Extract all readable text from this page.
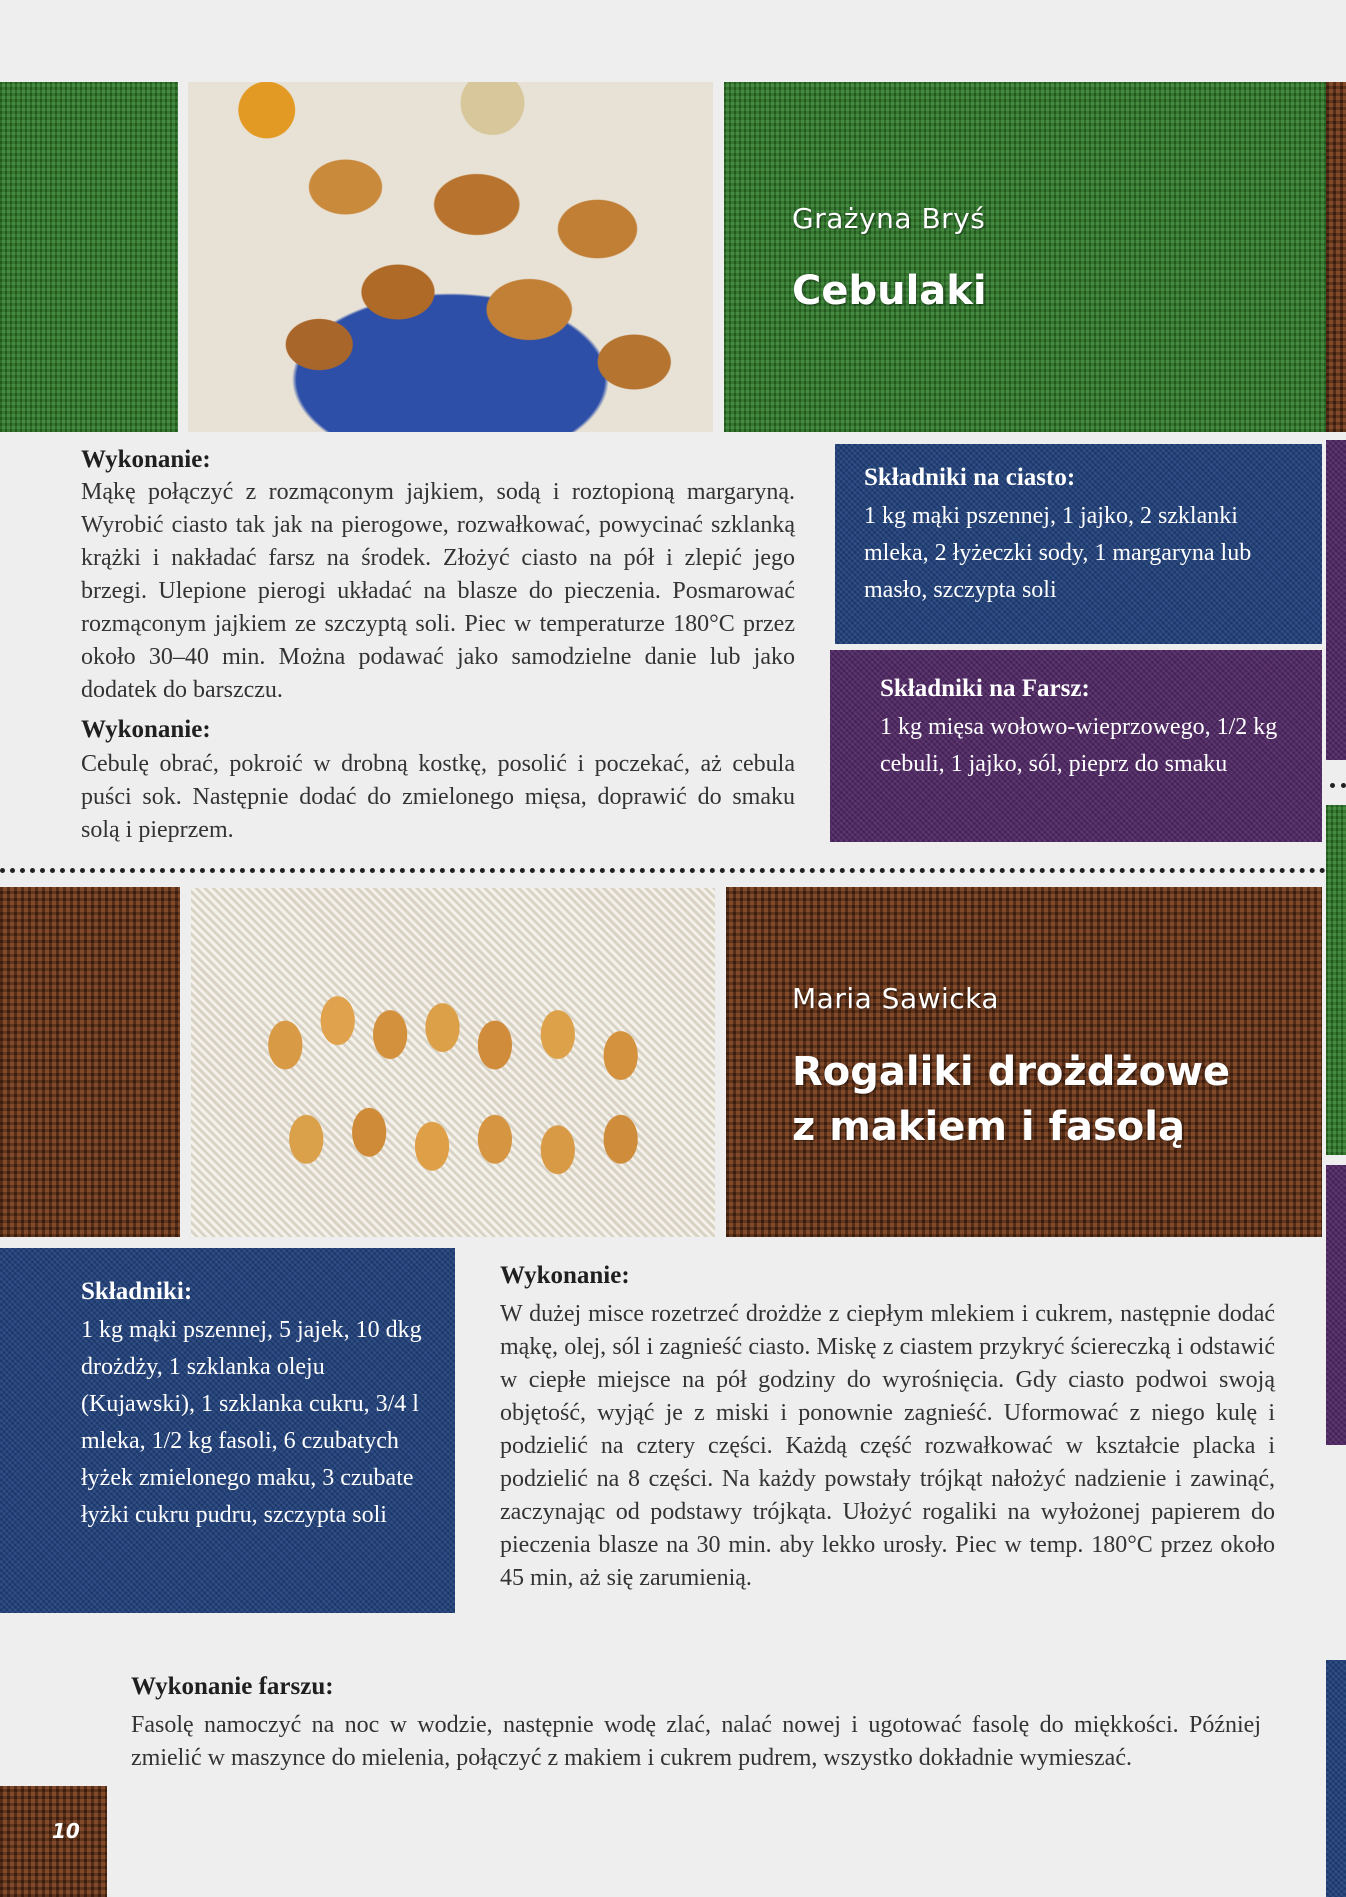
Grażyna Bryś
Cebulaki
Wykonanie:
Mąkę połączyć z rozmąconym jajkiem, sodą i roztopioną margaryną. Wyrobić ciasto tak jak na pierogowe, rozwałkować, powycinać szklanką krążki i nakładać farsz na środek. Złożyć ciasto na pół i zlepić jego brzegi. Ulepione pierogi układać na blasze do pieczenia. Posmarować rozmąconym jajkiem ze szczyptą soli. Piec w temperaturze 180°C przez około 30–40 min. Można podawać jako samodzielne danie lub jako dodatek do barszczu.
Wykonanie:
Cebulę obrać, pokroić w drobną kostkę, posolić i poczekać, aż cebula puści sok. Następnie dodać do zmielonego mięsa, doprawić do smaku solą i pieprzem.
Składniki na ciasto:
1 kg mąki pszennej, 1 jajko, 2 szklanki mleka, 2 łyżeczki sody, 1 margaryna lub masło, szczypta soli
Składniki na Farsz:
1 kg mięsa wołowo-wieprzowego, 1/2 kg cebuli, 1 jajko, sól, pieprz do smaku
Maria Sawicka
Rogaliki drożdżowe
z makiem i fasolą
Składniki:
1 kg mąki pszennej, 5 jajek, 10 dkg drożdży, 1 szklanka oleju (Kujawski), 1 szklanka cukru, 3/4 l mleka, 1/2 kg fasoli, 6 czubatych łyżek zmielonego maku, 3 czubate łyżki cukru pudru, szczypta soli
Wykonanie:
W dużej misce rozetrzeć drożdże z ciepłym mlekiem i cukrem, następnie dodać mąkę, olej, sól i zagnieść ciasto. Miskę z ciastem przykryć ściereczką i odstawić w ciepłe miejsce na pół godziny do wyrośnięcia. Gdy ciasto podwoi swoją objętość, wyjąć je z miski i ponownie zagnieść. Uformować z niego kulę i podzielić na cztery części. Każdą część rozwałkować w kształcie placka i podzielić na 8 części. Na każdy powstały trójkąt nałożyć nadzienie i zawinąć, zaczynając od podstawy trójkąta. Ułożyć rogaliki na wyłożonej papierem do pieczenia blasze na 30 min. aby lekko urosły. Piec w temp. 180°C przez około 45 min, aż się zarumienią.
Wykonanie farszu:
Fasolę namoczyć na noc w wodzie, następnie wodę zlać, nalać nowej i ugotować fasolę do miękkości. Później zmielić w maszynce do mielenia, połączyć z makiem i cukrem pudrem, wszystko dokładnie wymieszać.
10
